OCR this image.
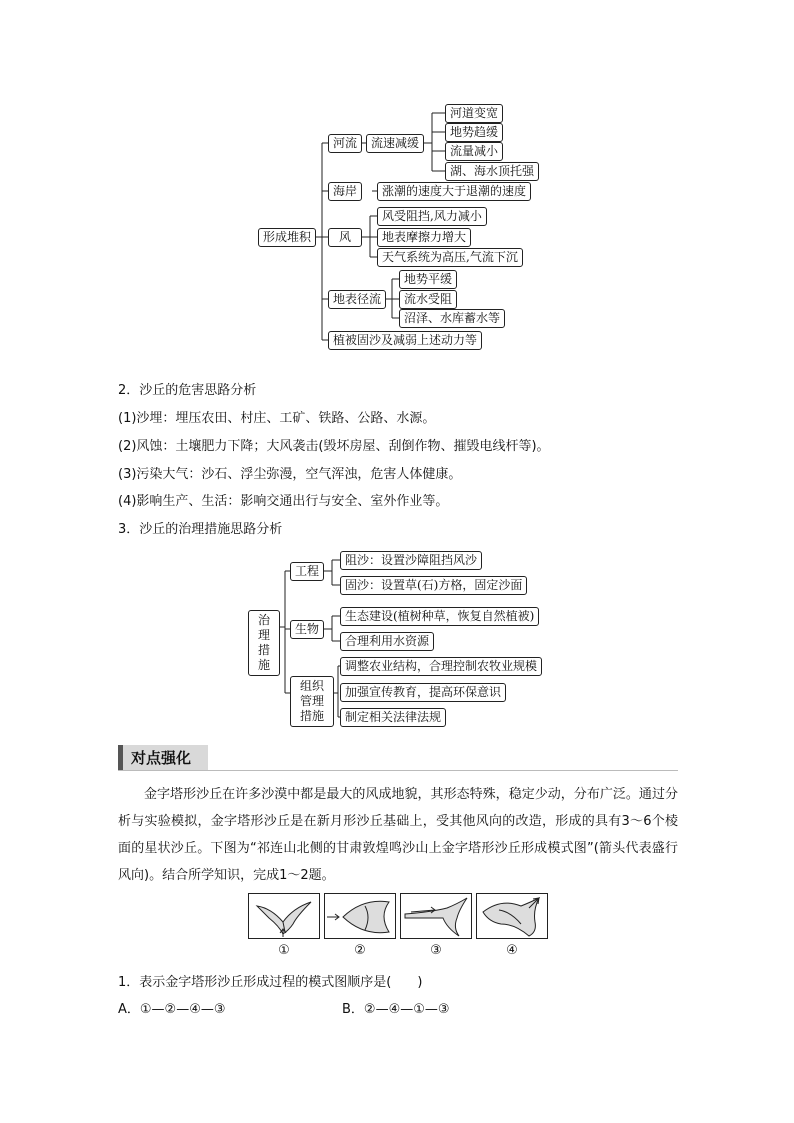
形成堆积
河流	流速减缓
河道变宽
地势趋缓
流量减小
湖、海水顶托强
海岸	涨潮的速度大于退潮的速度
风
风受阻挡,风力减小
地表摩擦力增大
天气系统为高压,气流下沉
地表径流
地势平缓
流水受阻
沼泽、水库蓄水等
植被固沙及减弱上述动力等
2．沙丘的危害思路分析
(1)沙埋：埋压农田、村庄、工矿、铁路、公路、水源。
(2)风蚀：土壤肥力下降；大风袭击(毁坏房屋、刮倒作物、摧毁电线杆等)。
(3)污染大气：沙石、浮尘弥漫，空气浑浊，危害人体健康。
(4)影响生产、生活：影响交通出行与安全、室外作业等。
3．沙丘的治理措施思路分析
治理措施
工程
阻沙：设置沙障阻挡风沙
固沙：设置草(石)方格，固定沙面
生物
生态建设(植树种草，恢复自然植被)
合理利用水资源
组织管理措施
调整农业结构，合理控制农牧业规模
加强宣传教育，提高环保意识
制定相关法律法规
对点强化
金字塔形沙丘在许多沙漠中都是最大的风成地貌，其形态特殊，稳定少动，分布广泛。通过分析与实验模拟，金字塔形沙丘是在新月形沙丘基础上，受其他风向的改造，形成的具有3～6个棱面的星状沙丘。下图为“祁连山北侧的甘肃敦煌鸣沙山上金字塔形沙丘形成模式图”(箭头代表盛行风向)。结合所学知识，完成1～2题。
①	②	③	④
1．表示金字塔形沙丘形成过程的模式图顺序是(　　)
A．①—②—④—③	B．②—④—①—③
